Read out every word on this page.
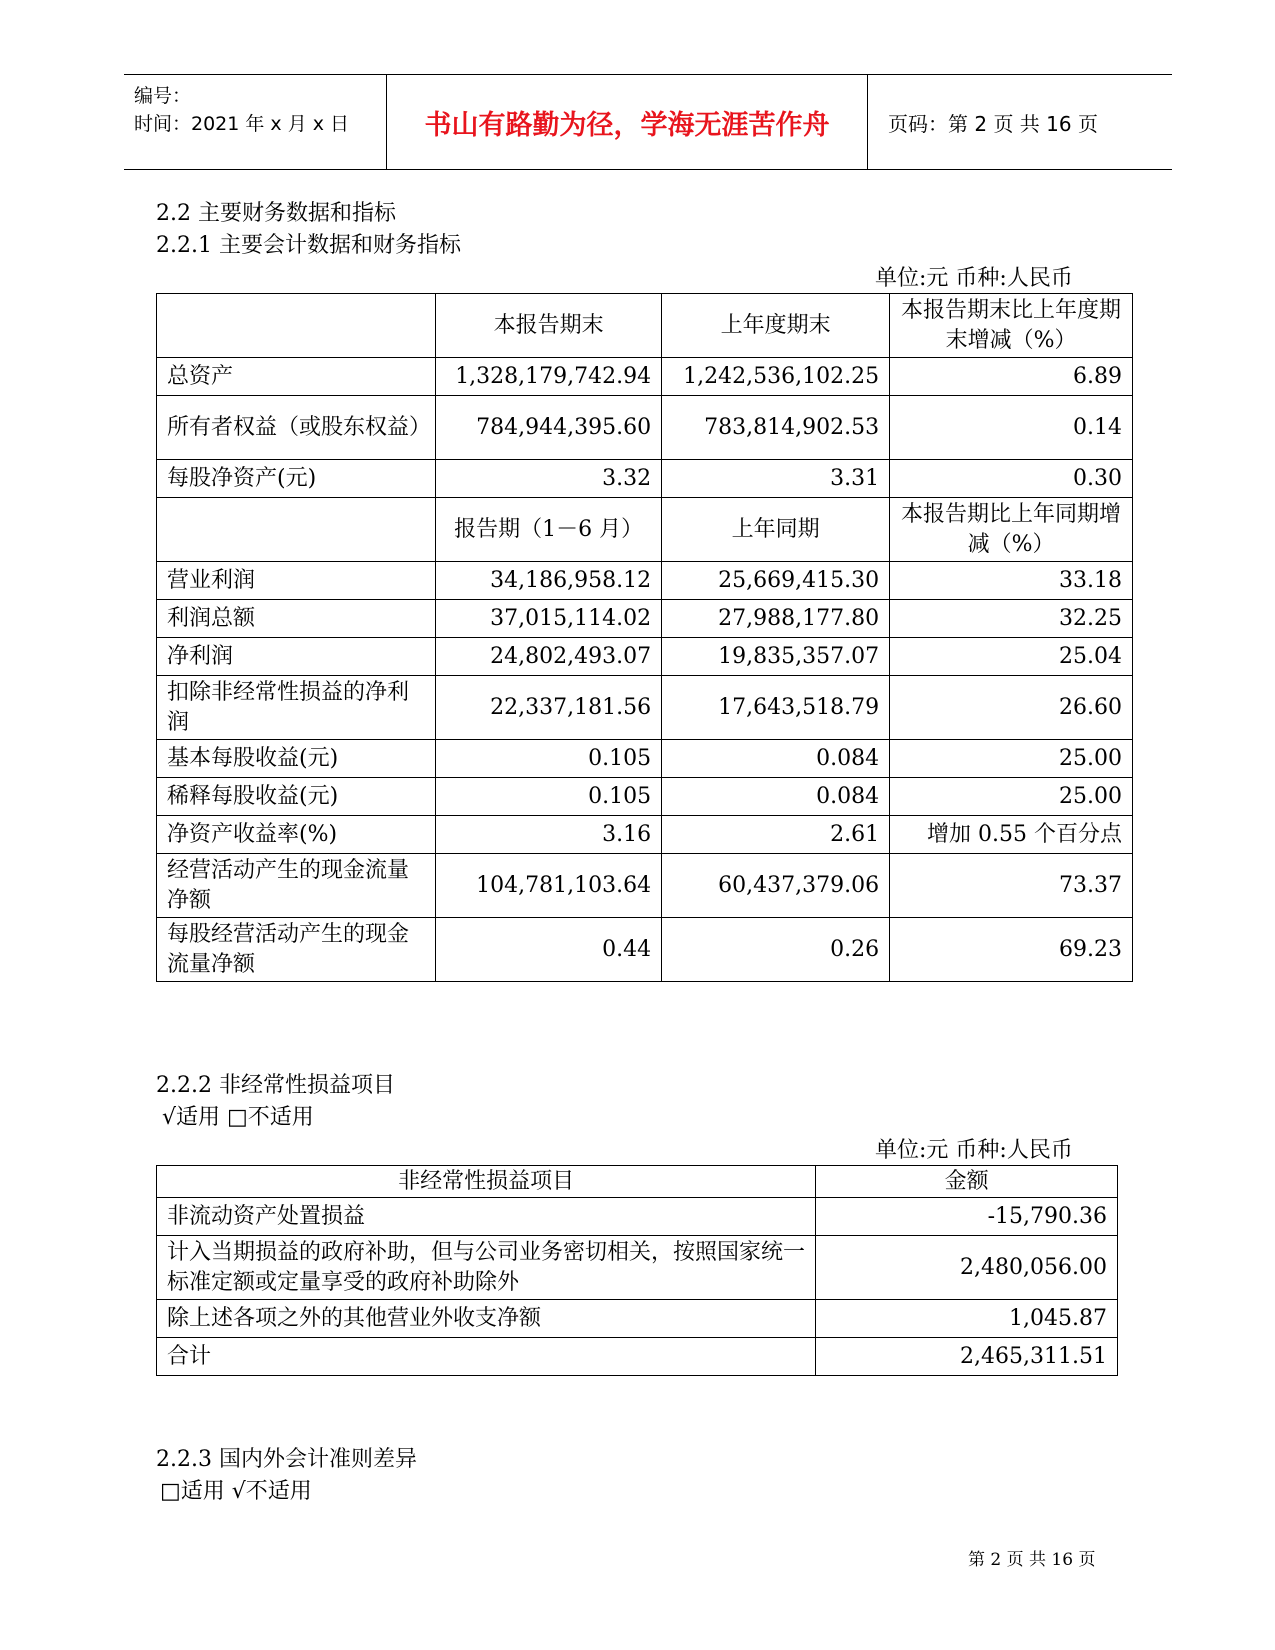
编号：
时间：2021 年 x 月 x 日	书山有路勤为径，学海无涯苦作舟	页码：第 2 页 共 16 页
2.2 主要财务数据和指标
2.2.1 主要会计数据和财务指标
单位:元 币种:人民币
	本报告期末	上年度期末	本报告期末比上年度期末增减（%）
总资产	1,328,179,742.94	1,242,536,102.25	6.89
所有者权益（或股东权益）	784,944,395.60	783,814,902.53	0.14
每股净资产(元)	3.32	3.31	0.30
	报告期（1－6 月）	上年同期	本报告期比上年同期增减（%）
营业利润	34,186,958.12	25,669,415.30	33.18
利润总额	37,015,114.02	27,988,177.80	32.25
净利润	24,802,493.07	19,835,357.07	25.04
扣除非经常性损益的净利润	22,337,181.56	17,643,518.79	26.60
基本每股收益(元)	0.105	0.084	25.00
稀释每股收益(元)	0.105	0.084	25.00
净资产收益率(%)	3.16	2.61	增加 0.55 个百分点
经营活动产生的现金流量净额	104,781,103.64	60,437,379.06	73.37
每股经营活动产生的现金流量净额	0.44	0.26	69.23
2.2.2 非经常性损益项目
√适用 □不适用
单位:元 币种:人民币
非经常性损益项目	金额
非流动资产处置损益	-15,790.36
计入当期损益的政府补助，但与公司业务密切相关，按照国家统一标准定额或定量享受的政府补助除外	2,480,056.00
除上述各项之外的其他营业外收支净额	1,045.87
合计	2,465,311.51
2.2.3 国内外会计准则差异
□适用 √不适用
第 2 页 共 16 页
